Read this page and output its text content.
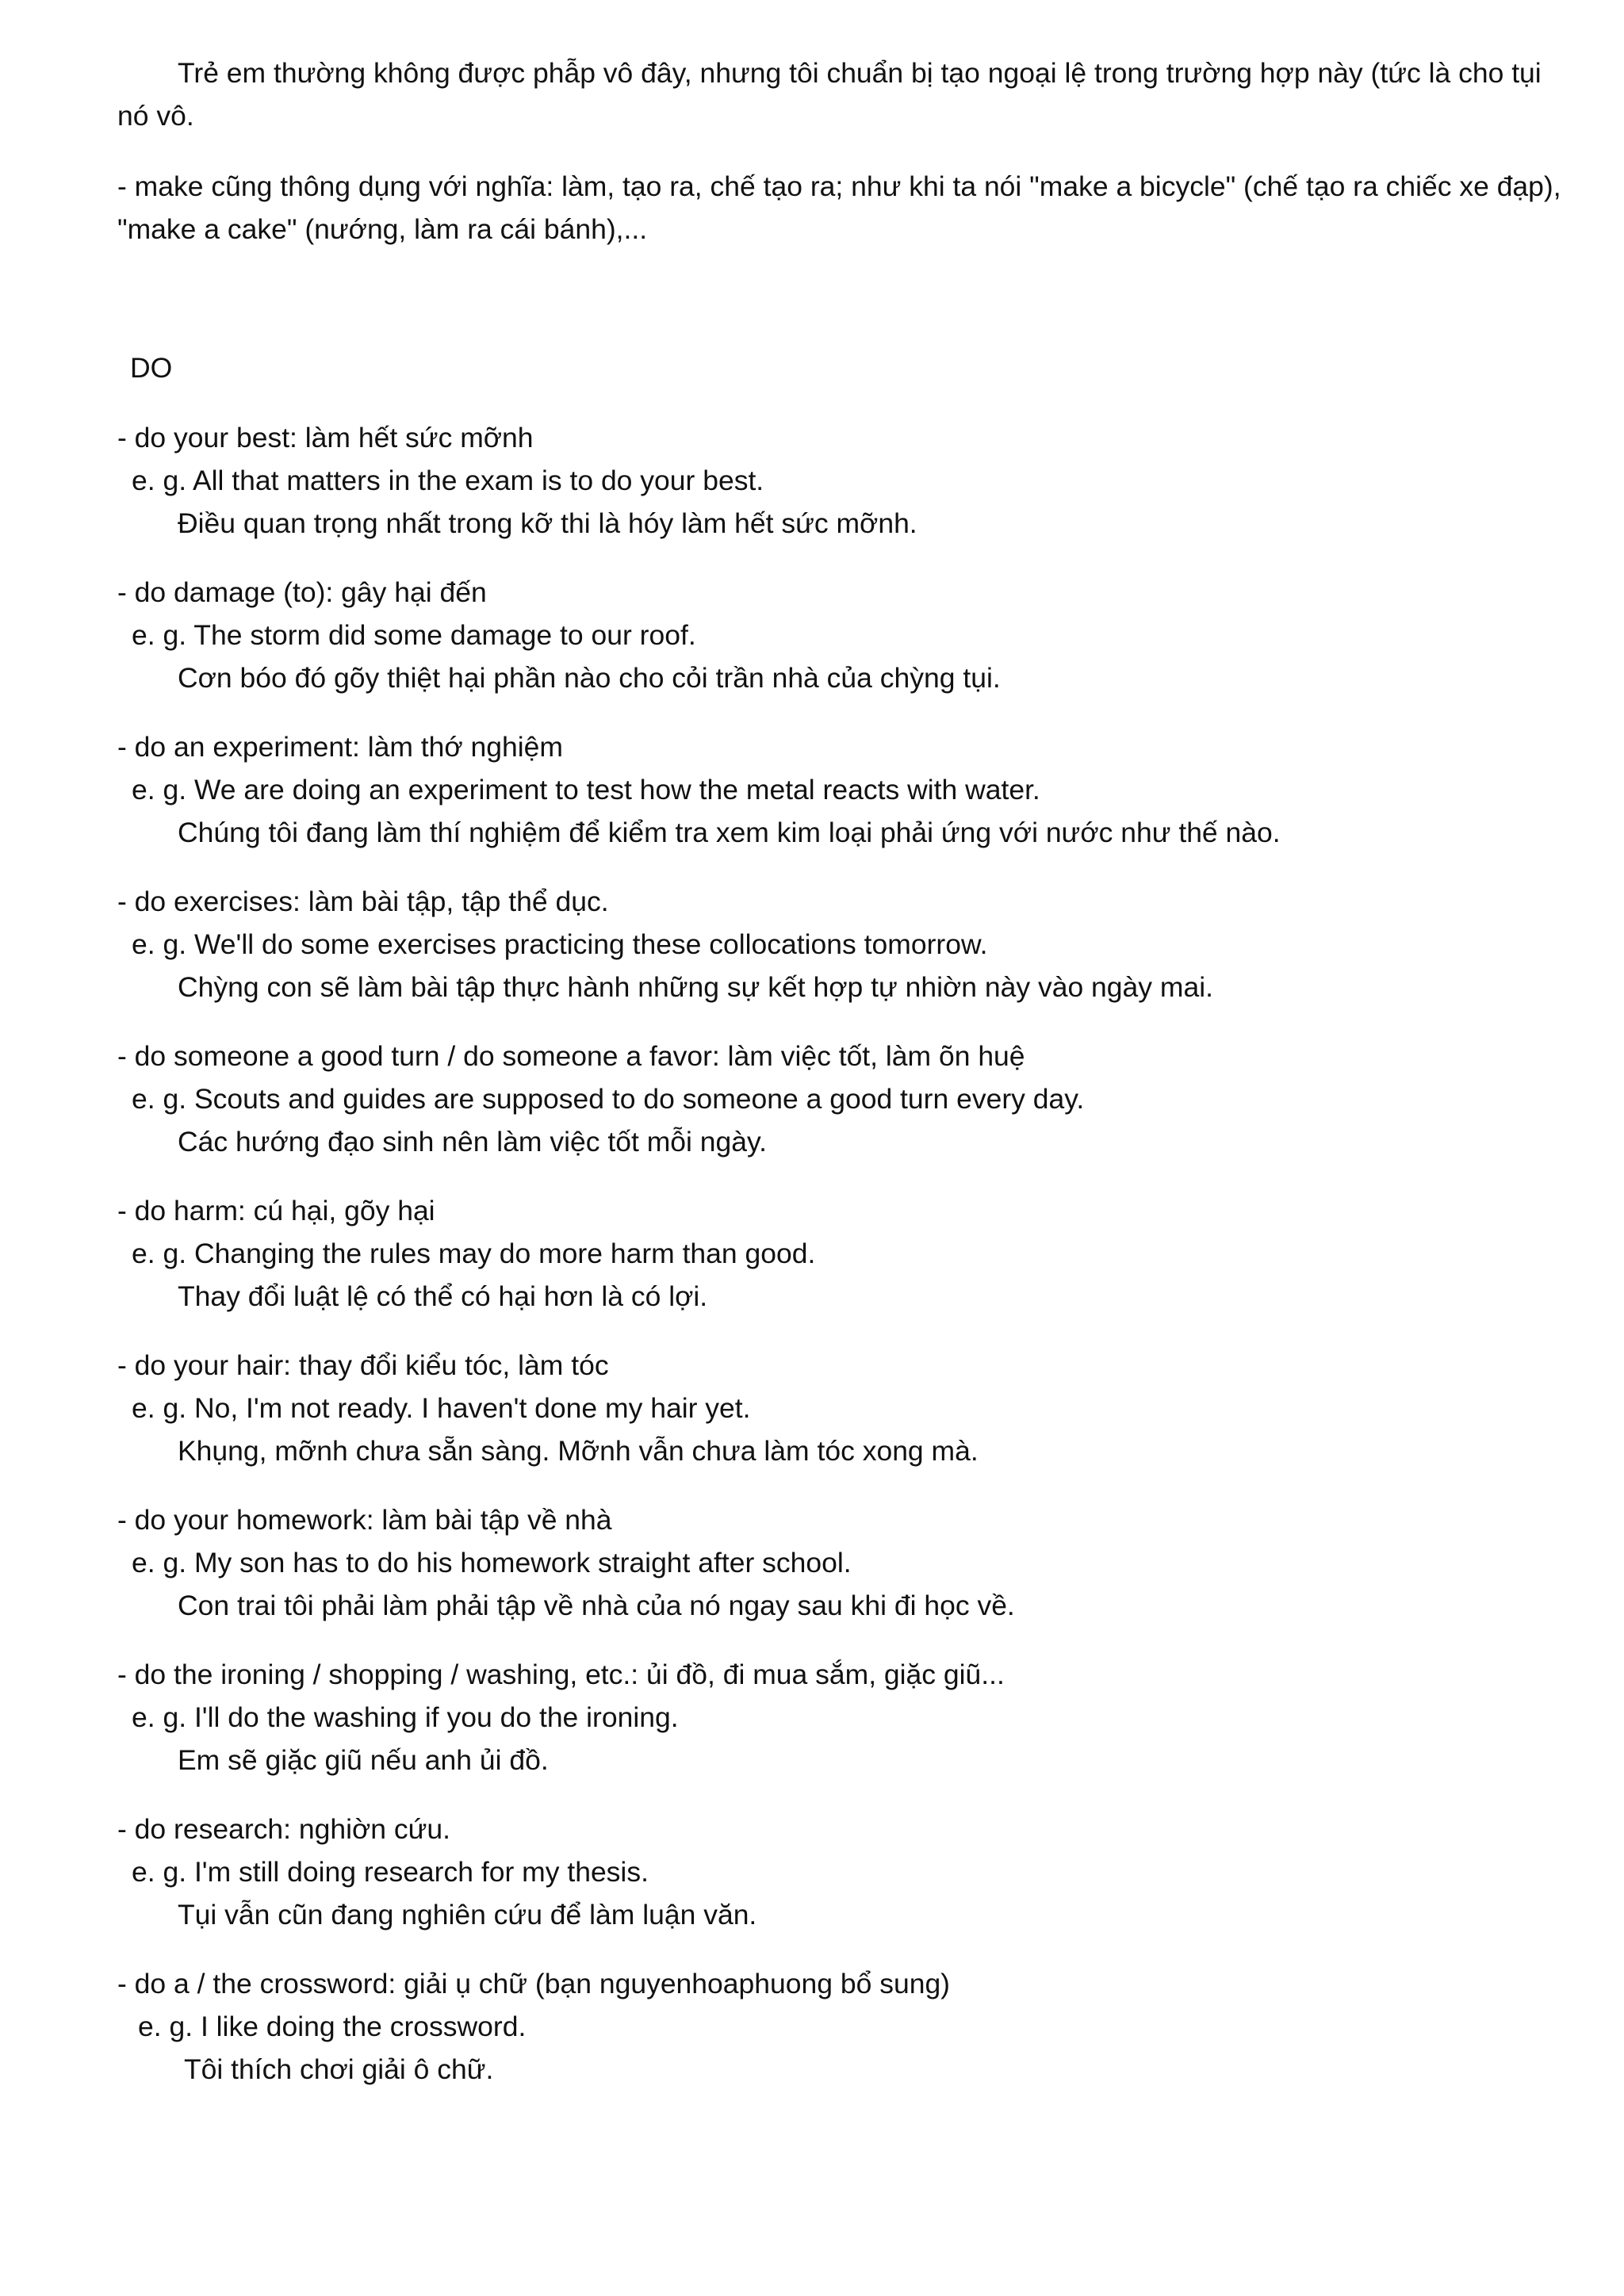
Trẻ em thường không được phẫp vô đây, nhưng tôi chuẩn bị tạo ngoại lệ trong trường hợp này (tức là cho tụi
nó vô.
- make cũng thông dụng với nghĩa: làm, tạo ra, chế tạo ra; như khi ta nói "make a bicycle" (chế tạo ra chiếc xe đạp),
"make a cake" (nướng, làm ra cái bánh),...
DO
- do your best: làm hết sức mỡnh
e. g. All that matters in the exam is to do your best.
Điều quan trọng nhất trong kỡ thi là hóy làm hết sức mỡnh.
- do damage (to): gây hại đến
e. g. The storm did some damage to our roof.
Cơn bóo đó gõy thiệt hại phần nào cho cỏi trần nhà của chỳng tụi.
- do an experiment: làm thớ nghiệm
e. g. We are doing an experiment to test how the metal reacts with water.
Chúng tôi đang làm thí nghiệm để kiểm tra xem kim loại phải ứng với nước như thế nào.
- do exercises: làm bài tập, tập thể dục.
e. g. We'll do some exercises practicing these collocations tomorrow.
Chỳng con sẽ làm bài tập thực hành những sự kết hợp tự nhiờn này vào ngày mai.
- do someone a good turn / do someone a favor: làm việc tốt, làm õn huệ
e. g. Scouts and guides are supposed to do someone a good turn every day.
Các hướng đạo sinh nên làm việc tốt mỗi ngày.
- do harm: cú hại, gõy hại
e. g. Changing the rules may do more harm than good.
Thay đổi luật lệ có thể có hại hơn là có lợi.
- do your hair: thay đổi kiểu tóc, làm tóc
e. g. No, I'm not ready. I haven't done my hair yet.
Khụng, mỡnh chưa sẵn sàng. Mỡnh vẫn chưa làm tóc xong mà.
- do your homework: làm bài tập về nhà
e. g. My son has to do his homework straight after school.
Con trai tôi phải làm phải tập về nhà của nó ngay sau khi đi học về.
- do the ironing / shopping / washing, etc.: ủi đồ, đi mua sắm, giặc giũ...
e. g. I'll do the washing if you do the ironing.
Em sẽ giặc giũ nếu anh ủi đồ.
- do research: nghiờn cứu.
e. g. I'm still doing research for my thesis.
Tụi vẫn cũn đang nghiên cứu để làm luận văn.
- do a / the crossword: giải ụ chữ (bạn nguyenhoaphuong bổ sung)
e. g. I like doing the crossword.
Tôi thích chơi giải ô chữ.
